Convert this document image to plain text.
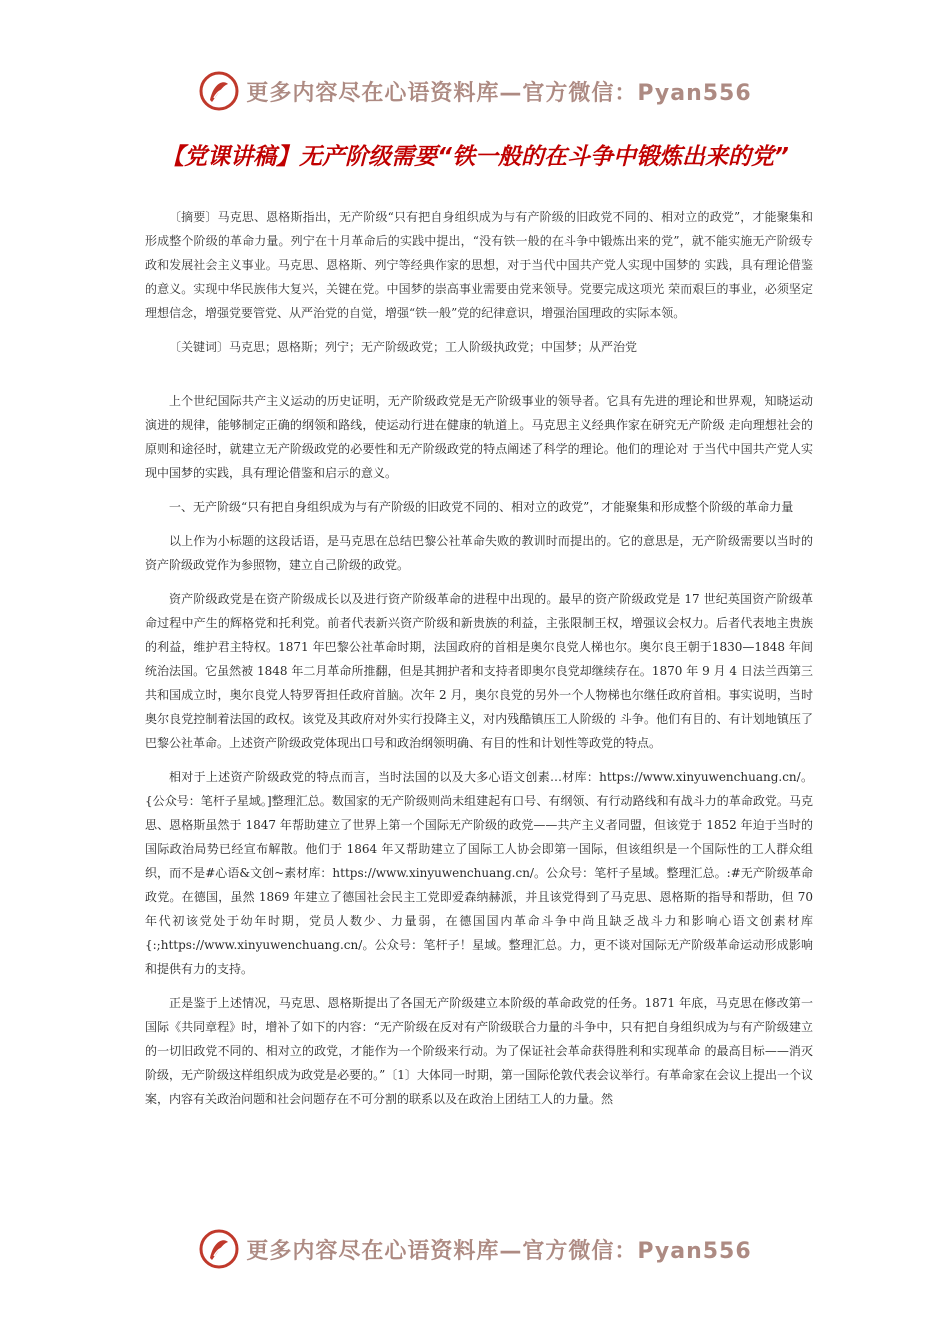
更多内容尽在心语资料库—官方微信：Pyan556
【党课讲稿】无产阶级需要“铁一般的在斗争中锻炼出来的党”

〔摘要〕马克思、恩格斯指出，无产阶级“只有把自身组织成为与有产阶级的旧政党不同的、相对立的政党”，才能聚集和形成整个阶级的革命力量。列宁在十月革命后的实践中提出，“没有铁一般的在斗争中锻炼出来的党”，就不能实施无产阶级专政和发展社会主义事业。马克思、恩格斯、列宁等经典作家的思想，对于当代中国共产党人实现中国梦的 实践，具有理论借鉴的意义。实现中华民族伟大复兴，关键在党。中国梦的崇高事业需要由党来领导。党要完成这项光 荣而艰巨的事业，必须坚定理想信念，增强党要管党、从严治党的自觉，增强“铁一般”党的纪律意识，增强治国理政的实际本领。

〔关键词〕马克思；恩格斯；列宁；无产阶级政党；工人阶级执政党；中国梦；从严治党

上个世纪国际共产主义运动的历史证明，无产阶级政党是无产阶级事业的领导者。它具有先进的理论和世界观，知晓运动演进的规律，能够制定正确的纲领和路线，使运动行进在健康的轨道上。马克思主义经典作家在研究无产阶级 走向理想社会的原则和途径时，就建立无产阶级政党的必要性和无产阶级政党的特点阐述了科学的理论。他们的理论对 于当代中国共产党人实现中国梦的实践，具有理论借鉴和启示的意义。

一、无产阶级“只有把自身组织成为与有产阶级的旧政党不同的、相对立的政党”，才能聚集和形成整个阶级的革命力量

以上作为小标题的这段话语，是马克思在总结巴黎公社革命失败的教训时而提出的。它的意思是，无产阶级需要以当时的资产阶级政党作为参照物，建立自己阶级的政党。

资产阶级政党是在资产阶级成长以及进行资产阶级革命的进程中出现的。最早的资产阶级政党是 17 世纪英国资产阶级革命过程中产生的辉格党和托利党。前者代表新兴资产阶级和新贵族的利益，主张限制王权，增强议会权力。后者代表地主贵族的利益，维护君主特权。1871 年巴黎公社革命时期，法国政府的首相是奥尔良党人梯也尔。奥尔良王朝于1830—1848 年间统治法国。它虽然被 1848 年二月革命所推翻，但是其拥护者和支持者即奥尔良党却继续存在。1870 年 9 月 4 日法兰西第三共和国成立时，奥尔良党人特罗胥担任政府首脑。次年 2 月，奥尔良党的另外一个人物梯也尔继任政府首相。事实说明，当时奥尔良党控制着法国的政权。该党及其政府对外实行投降主义，对内残酷镇压工人阶级的 斗争。他们有目的、有计划地镇压了巴黎公社革命。上述资产阶级政党体现出口号和政治纲领明确、有目的性和计划性等政党的特点。

相对于上述资产阶级政党的特点而言，当时法国的以及大多心语文创素…材库：https://www.xinyuwenchuang.cn/。{公众号：笔杆子星域。]整理汇总。数国家的无产阶级则尚未组建起有口号、有纲领、有行动路线和有战斗力的革命政党。马克思、恩格斯虽然于 1847 年帮助建立了世界上第一个国际无产阶级的政党——共产主义者同盟，但该党于 1852 年迫于当时的国际政治局势已经宣布解散。他们于 1864 年又帮助建立了国际工人协会即第一国际，但该组织是一个国际性的工人群众组织，而不是#心语&文创~素材库：https://www.xinyuwenchuang.cn/。公众号：笔杆子星域。整理汇总。:#无产阶级革命政党。在德国，虽然 1869 年建立了德国社会民主工党即爱森纳赫派，并且该党得到了马克思、恩格斯的指导和帮助，但 70 年代初该党处于幼年时期，党员人数少、力量弱，在德国国内革命斗争中尚且缺乏战斗力和影响心语文创素材库{:;https://www.xinyuwenchuang.cn/。公众号：笔杆子！星域。整理汇总。力，更不谈对国际无产阶级革命运动形成影响和提供有力的支持。

正是鉴于上述情况，马克思、恩格斯提出了各国无产阶级建立本阶级的革命政党的任务。1871 年底，马克思在修改第一国际《共同章程》时，增补了如下的内容：“无产阶级在反对有产阶级联合力量的斗争中，只有把自身组织成为与有产阶级建立的一切旧政党不同的、相对立的政党，才能作为一个阶级来行动。为了保证社会革命获得胜利和实现革命 的最高目标——消灭阶级，无产阶级这样组织成为政党是必要的。”〔1〕大体同一时期，第一国际伦敦代表会议举行。有革命家在会议上提出一个议案，内容有关政治问题和社会问题存在不可分割的联系以及在政治上团结工人的力量。然

更多内容尽在心语资料库—官方微信：Pyan556
